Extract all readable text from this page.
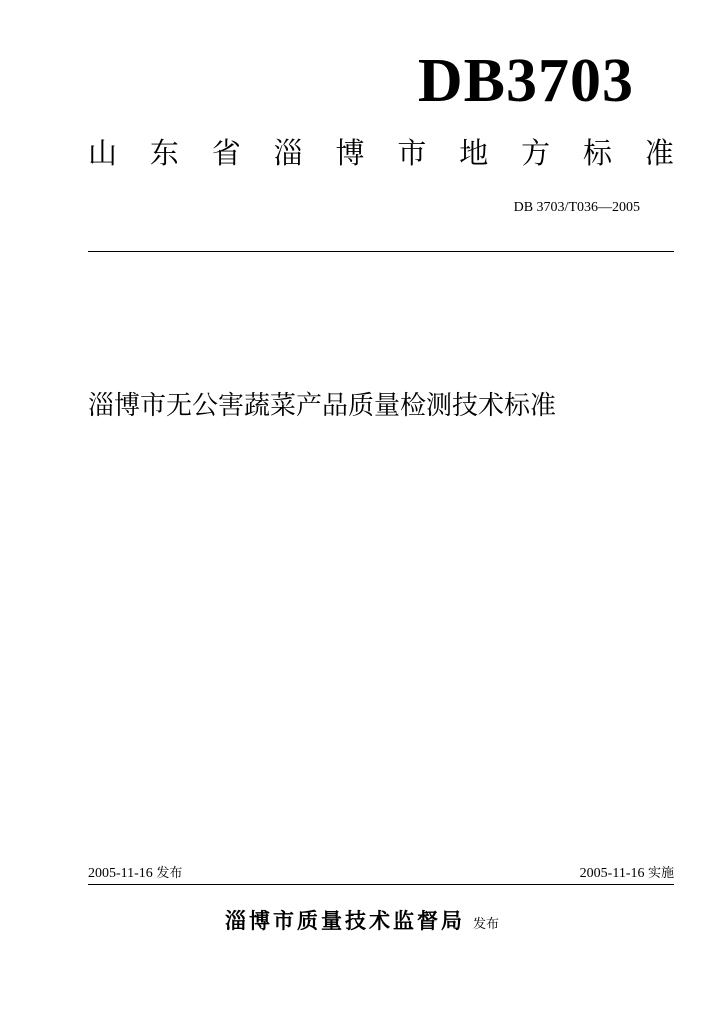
DB3703
山 东 省 淄 博 市 地 方 标 准
DB 3703/T036—2005
淄博市无公害蔬菜产品质量检测技术标准
2005-11-16 发布	2005-11-16 实施
淄博市质量技术监督局 发布
